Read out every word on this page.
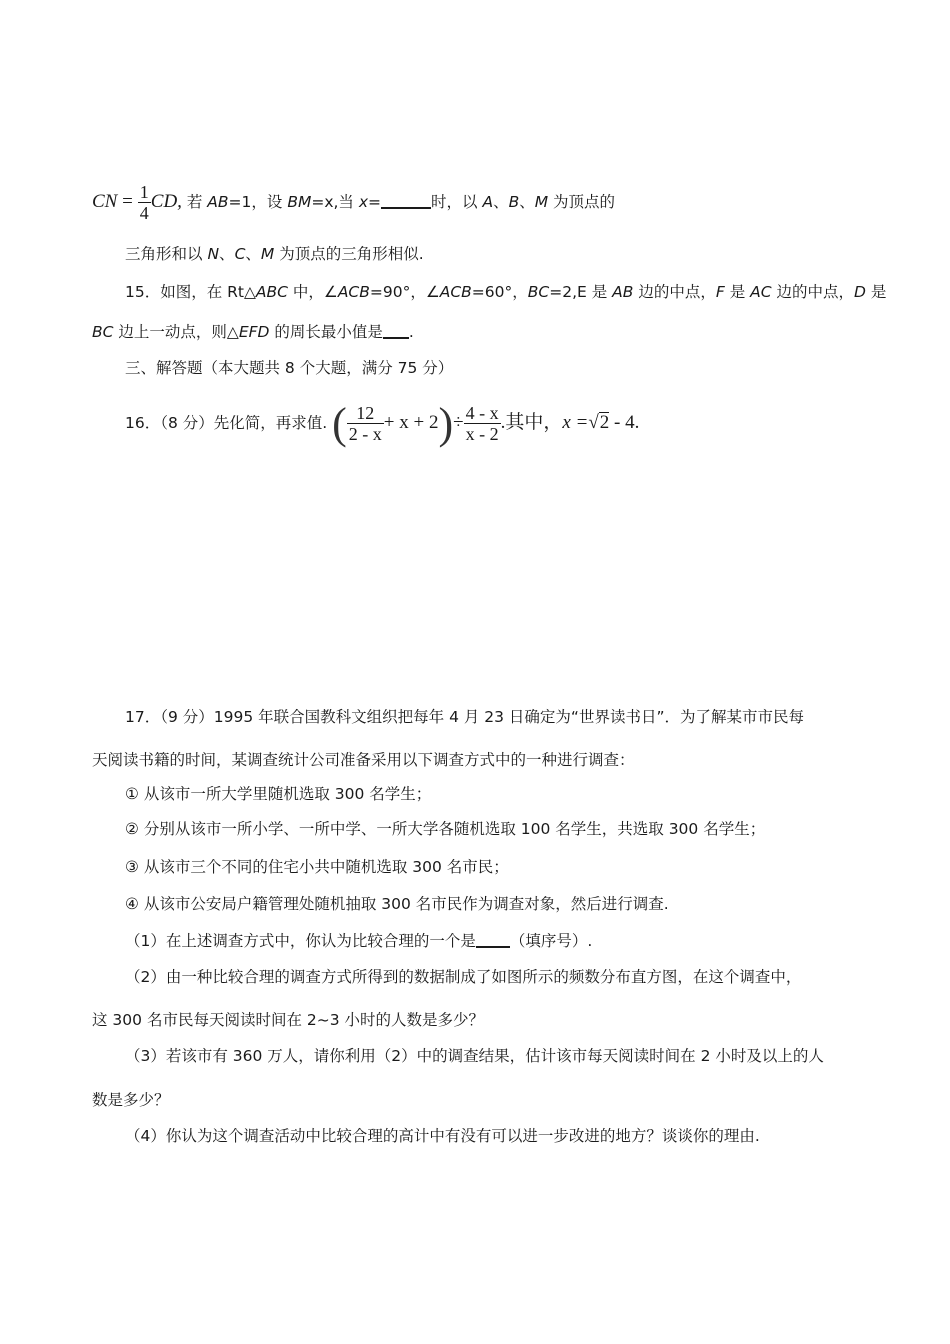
CN = $\frac{1}{4}$ CD, 若 AB=1，设 BM=x,当 x=	时，以 A、B、M 为顶点的
三角形和以 N、C、M 为顶点的三角形相似.
15．如图，在 Rt△ABC 中，∠ACB=90°，∠ACB=60°，BC=2,E 是 AB 边的中点，F 是 AC 边的中点，D 是
BC 边上一动点，则△EFD 的周长最小值是 .
三、解答题（本大题共 8 个大题，满分 75 分）
16．（8 分）先化简，再求值. ( $\frac{12}{2 - x} + x + 2)\div \frac{4 - x}{x - 2}$ .其中，x =√2 - 4.
17．（9 分）1995 年联合国教科文组织把每年 4 月 23 日确定为“世界读书日”．为了解某市市民每
天阅读书籍的时间，某调查统计公司准备采用以下调查方式中的一种进行调查：
① 从该市一所大学里随机选取 300 名学生；
② 分别从该市一所小学、一所中学、一所大学各随机选取 100 名学生，共选取 300 名学生；
③ 从该市三个不同的住宅小共中随机选取 300 名市民；
④ 从该市公安局户籍管理处随机抽取 300 名市民作为调查对象，然后进行调查.
（1）在上述调查方式中，你认为比较合理的一个是 （填序号）.
（2）由一种比较合理的调查方式所得到的数据制成了如图所示的频数分布直方图，在这个调查中，
这 300 名市民每天阅读时间在 2~3 小时的人数是多少？
（3）若该市有 360 万人，请你利用（2）中的调查结果，估计该市每天阅读时间在 2 小时及以上的人
数是多少？
（4）你认为这个调查活动中比较合理的高计中有没有可以进一步改进的地方？谈谈你的理由.
